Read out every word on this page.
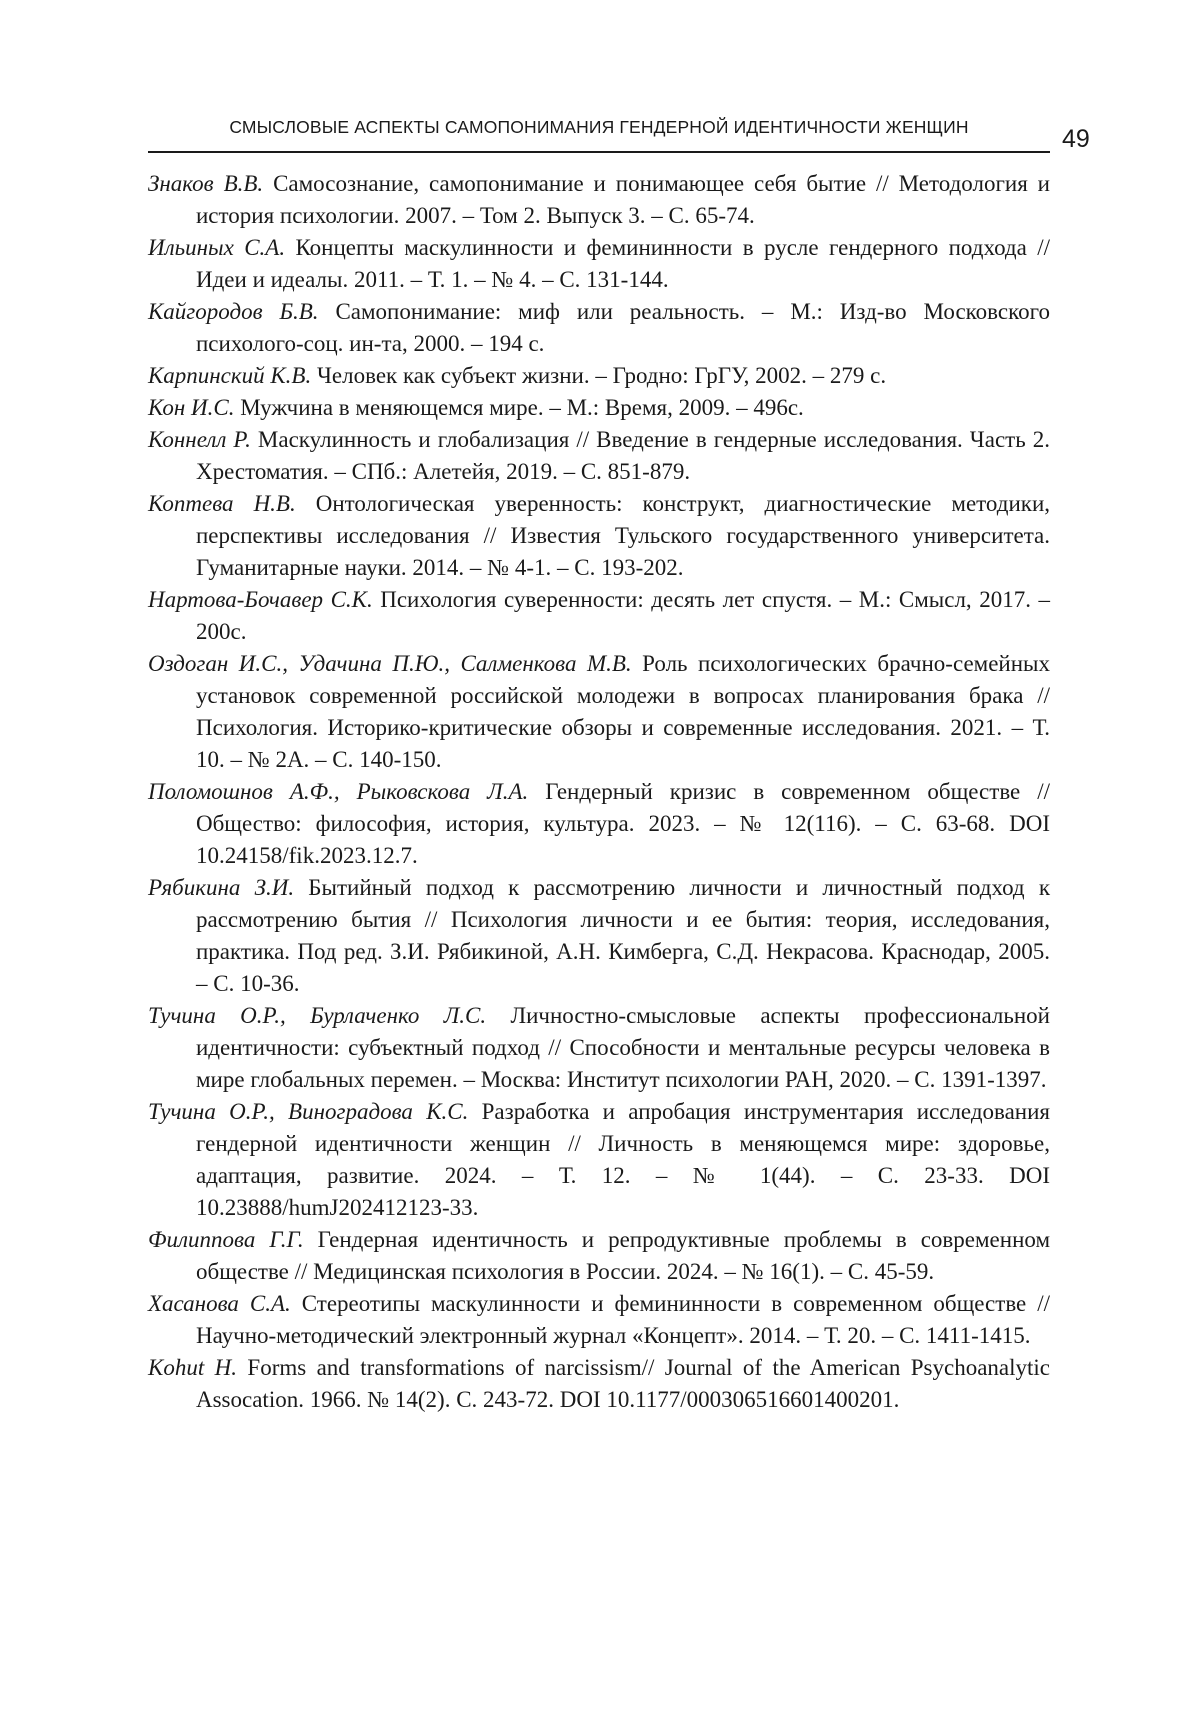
СМЫСЛОВЫЕ АСПЕКТЫ САМОПОНИМАНИЯ ГЕНДЕРНОЙ ИДЕНТИЧНОСТИ ЖЕНЩИН	49
Знаков В.В. Самосознание, самопонимание и понимающее себя бытие // Методология и история психологии. 2007. – Том 2. Выпуск 3. – С. 65-74.
Ильиных С.А. Концепты маскулинности и фемининности в русле гендерного подхода // Идеи и идеалы. 2011. – Т. 1. – № 4. – С. 131-144.
Кайгородов Б.В. Самопонимание: миф или реальность. – М.: Изд-во Московского психолого-соц. ин-та, 2000. – 194 с.
Карпинский К.В. Человек как субъект жизни. – Гродно: ГрГУ, 2002. – 279 с.
Кон И.С. Мужчина в меняющемся мире. – М.: Время, 2009. – 496с.
Коннелл Р. Маскулинность и глобализация // Введение в гендерные исследования. Часть 2. Хрестоматия. – СПб.: Алетейя, 2019. – С. 851-879.
Коптева Н.В. Онтологическая уверенность: конструкт, диагностические методики, перспективы исследования // Известия Тульского государственного университета. Гуманитарные науки. 2014. – № 4-1. – С. 193-202.
Нартова-Бочавер С.К. Психология суверенности: десять лет спустя. – М.: Смысл, 2017. – 200с.
Оздоган И.С., Удачина П.Ю., Салменкова М.В. Роль психологических брачно-семейных установок современной российской молодежи в вопросах планирования брака //Психология. Историко-критические обзоры и современные исследования. 2021. – Т. 10. – № 2А. – С. 140-150.
Поломошнов А.Ф., Рыковскова Л.А. Гендерный кризис в современном обществе // Общество: философия, история, культура. 2023. – № 12(116). – С. 63-68. DOI 10.24158/fik.2023.12.7.
Рябикина З.И. Бытийный подход к рассмотрению личности и личностный подход к рассмотрению бытия // Психология личности и ее бытия: теория, исследования, практика. Под ред. З.И. Рябикиной, А.Н. Кимберга, С.Д. Некрасова. Краснодар, 2005. – С. 10-36.
Тучина О.Р., Бурлаченко Л.С. Личностно-смысловые аспекты профессиональной идентичности: субъектный подход // Способности и ментальные ресурсы человека в мире глобальных перемен. – Москва: Институт психологии РАН, 2020. – С. 1391-1397.
Тучина О.Р., Виноградова К.С. Разработка и апробация инструментария исследования гендерной идентичности женщин // Личность в меняющемся мире: здоровье, адаптация, развитие. 2024. – Т. 12. – № 1(44). – С. 23-33. DOI 10.23888/humJ202412123-33.
Филиппова Г.Г. Гендерная идентичность и репродуктивные проблемы в современном обществе // Медицинская психология в России. 2024. – № 16(1). – С. 45-59.
Хасанова С.А. Стереотипы маскулинности и фемининности в современном обществе // Научно-методический электронный журнал «Концепт». 2014. – Т. 20. – С. 1411-1415.
Kohut H. Forms and transformations of narcissism// Journal of the American Psychoanalytic Assocation. 1966. № 14(2). С. 243-72. DOI 10.1177/000306516601400201.
